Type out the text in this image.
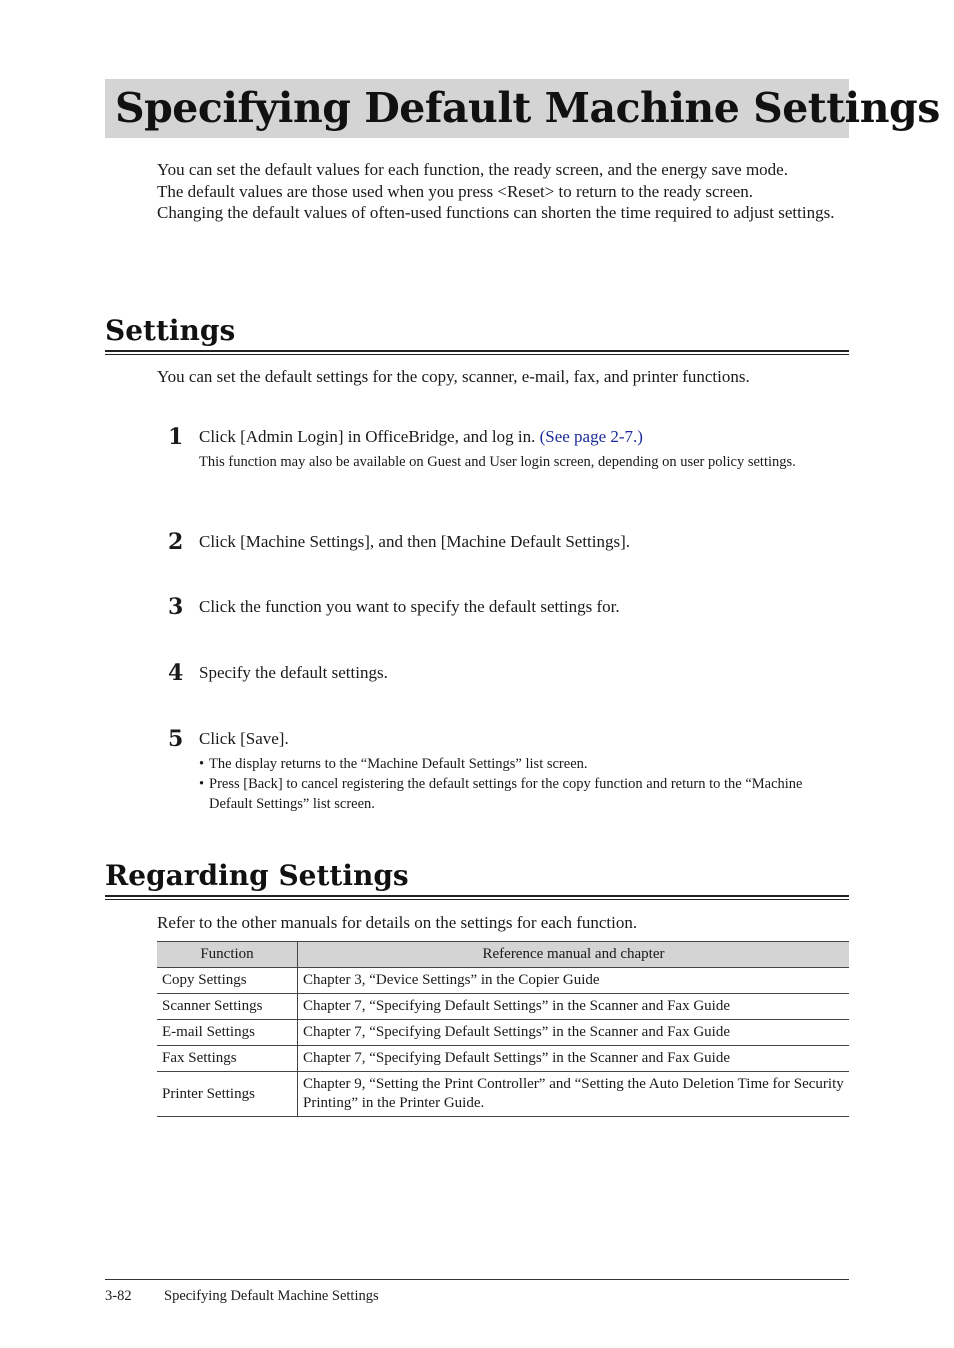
Specifying Default Machine Settings

You can set the default values for each function, the ready screen, and the energy save mode.

The default values are those used when you press <Reset> to return to the ready screen.

Changing the default values of often-used functions can shorten the time required to adjust settings.

Settings

You can set the default settings for the copy, scanner, e-mail, fax, and printer functions.

1 Click [Admin Login] in OfficeBridge, and log in. (See page 2-7.)
This function may also be available on Guest and User login screen, depending on user policy settings.
2 Click [Machine Settings], and then [Machine Default Settings].
3 Click the function you want to specify the default settings for.
4 Specify the default settings.
5 Click [Save].
• The display returns to the “Machine Default Settings” list screen.
• Press [Back] to cancel registering the default settings for the copy function and return to the “Machine Default Settings” list screen.
Regarding Settings

Refer to the other manuals for details on the settings for each function.

Function	Reference manual and chapter
Copy Settings	Chapter 3, “Device Settings” in the Copier Guide
Scanner Settings	Chapter 7, “Specifying Default Settings” in the Scanner and Fax Guide
E-mail Settings	Chapter 7, “Specifying Default Settings” in the Scanner and Fax Guide
Fax Settings	Chapter 7, “Specifying Default Settings” in the Scanner and Fax Guide
Printer Settings	Chapter 9, “Setting the Print Controller” and “Setting the Auto Deletion Time for Security Printing” in the Printer Guide.
3-82 Specifying Default Machine Settings
